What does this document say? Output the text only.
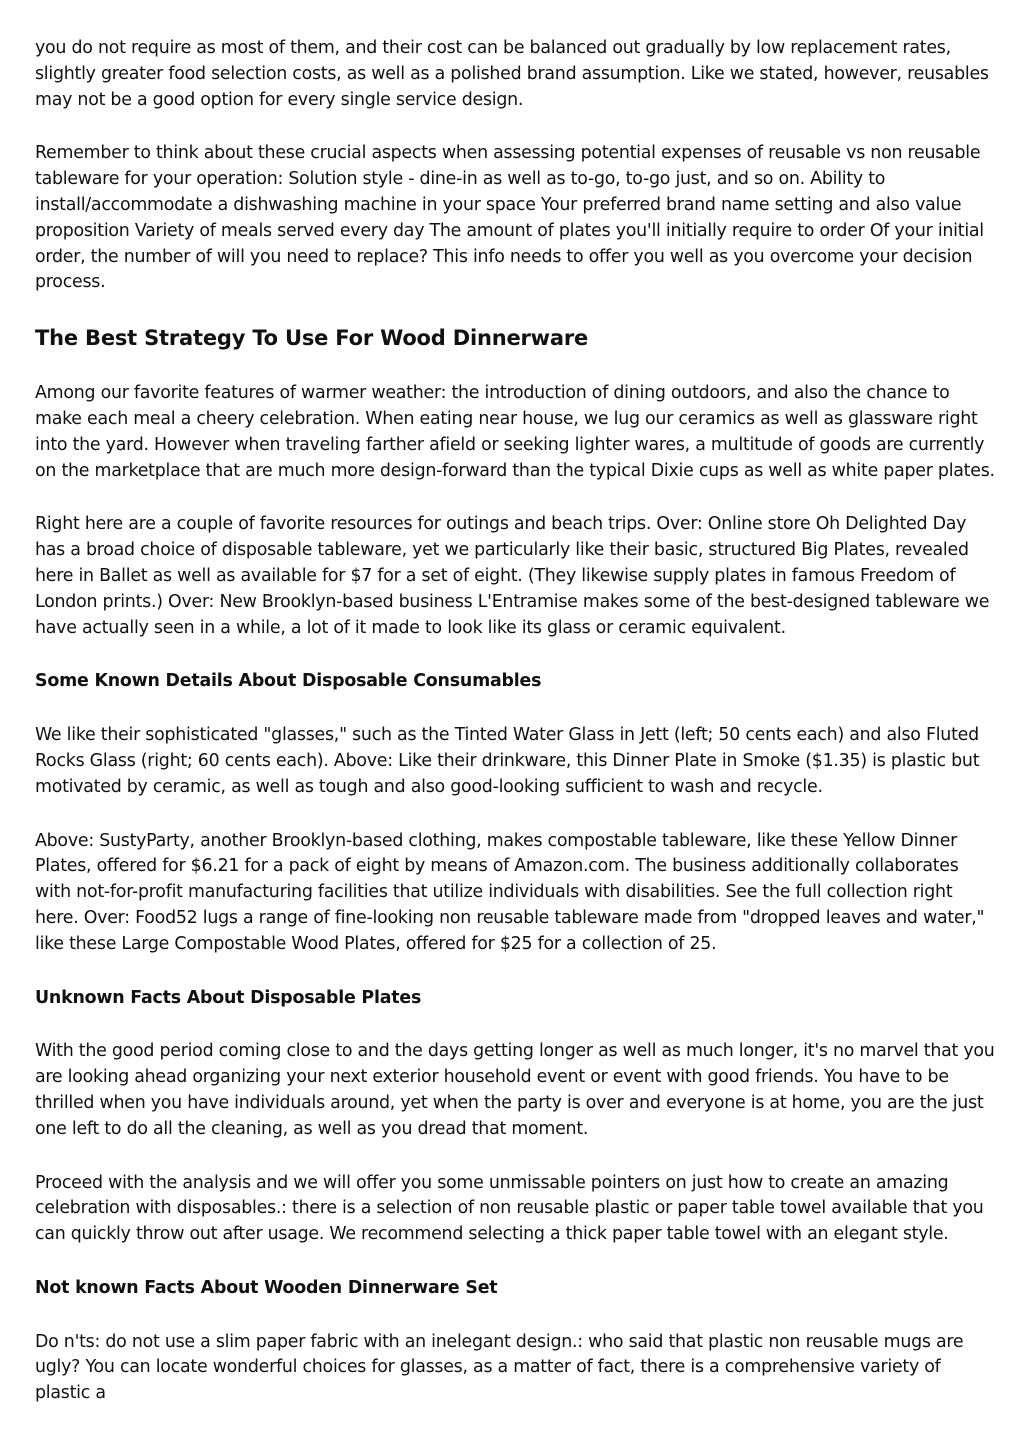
you do not require as most of them, and their cost can be balanced out gradually by low replacement rates, slightly greater food selection costs, as well as a polished brand assumption. Like we stated, however, reusables may not be a good option for every single service design.

Remember to think about these crucial aspects when assessing potential expenses of reusable vs non reusable tableware for your operation: Solution style - dine-in as well as to-go, to-go just, and so on. Ability to install/accommodate a dishwashing machine in your space Your preferred brand name setting and also value proposition Variety of meals served every day The amount of plates you'll initially require to order Of your initial order, the number of will you need to replace? This info needs to offer you well as you overcome your decision process.

The Best Strategy To Use For Wood Dinnerware

Among our favorite features of warmer weather: the introduction of dining outdoors, and also the chance to make each meal a cheery celebration. When eating near house, we lug our ceramics as well as glassware right into the yard. However when traveling farther afield or seeking lighter wares, a multitude of goods are currently on the marketplace that are much more design-forward than the typical Dixie cups as well as white paper plates.

Right here are a couple of favorite resources for outings and beach trips. Over: Online store Oh Delighted Day has a broad choice of disposable tableware, yet we particularly like their basic, structured Big Plates, revealed here in Ballet as well as available for $7 for a set of eight. (They likewise supply plates in famous Freedom of London prints.) Over: New Brooklyn-based business L'Entramise makes some of the best-designed tableware we have actually seen in a while, a lot of it made to look like its glass or ceramic equivalent.

Some Known Details About Disposable Consumables

We like their sophisticated "glasses," such as the Tinted Water Glass in Jett (left; 50 cents each) and also Fluted Rocks Glass (right; 60 cents each). Above: Like their drinkware, this Dinner Plate in Smoke ($1.35) is plastic but motivated by ceramic, as well as tough and also good-looking sufficient to wash and recycle.

Above: SustyParty, another Brooklyn-based clothing, makes compostable tableware, like these Yellow Dinner Plates, offered for $6.21 for a pack of eight by means of Amazon.com. The business additionally collaborates with not-for-profit manufacturing facilities that utilize individuals with disabilities. See the full collection right here. Over: Food52 lugs a range of fine-looking non reusable tableware made from "dropped leaves and water," like these Large Compostable Wood Plates, offered for $25 for a collection of 25.

Unknown Facts About Disposable Plates

With the good period coming close to and the days getting longer as well as much longer, it's no marvel that you are looking ahead organizing your next exterior household event or event with good friends. You have to be thrilled when you have individuals around, yet when the party is over and everyone is at home, you are the just one left to do all the cleaning, as well as you dread that moment.

Proceed with the analysis and we will offer you some unmissable pointers on just how to create an amazing celebration with disposables.: there is a selection of non reusable plastic or paper table towel available that you can quickly throw out after usage. We recommend selecting a thick paper table towel with an elegant style.

Not known Facts About Wooden Dinnerware Set

Do n'ts: do not use a slim paper fabric with an inelegant design.: who said that plastic non reusable mugs are ugly? You can locate wonderful choices for glasses, as a matter of fact, there is a comprehensive variety of plastic a
